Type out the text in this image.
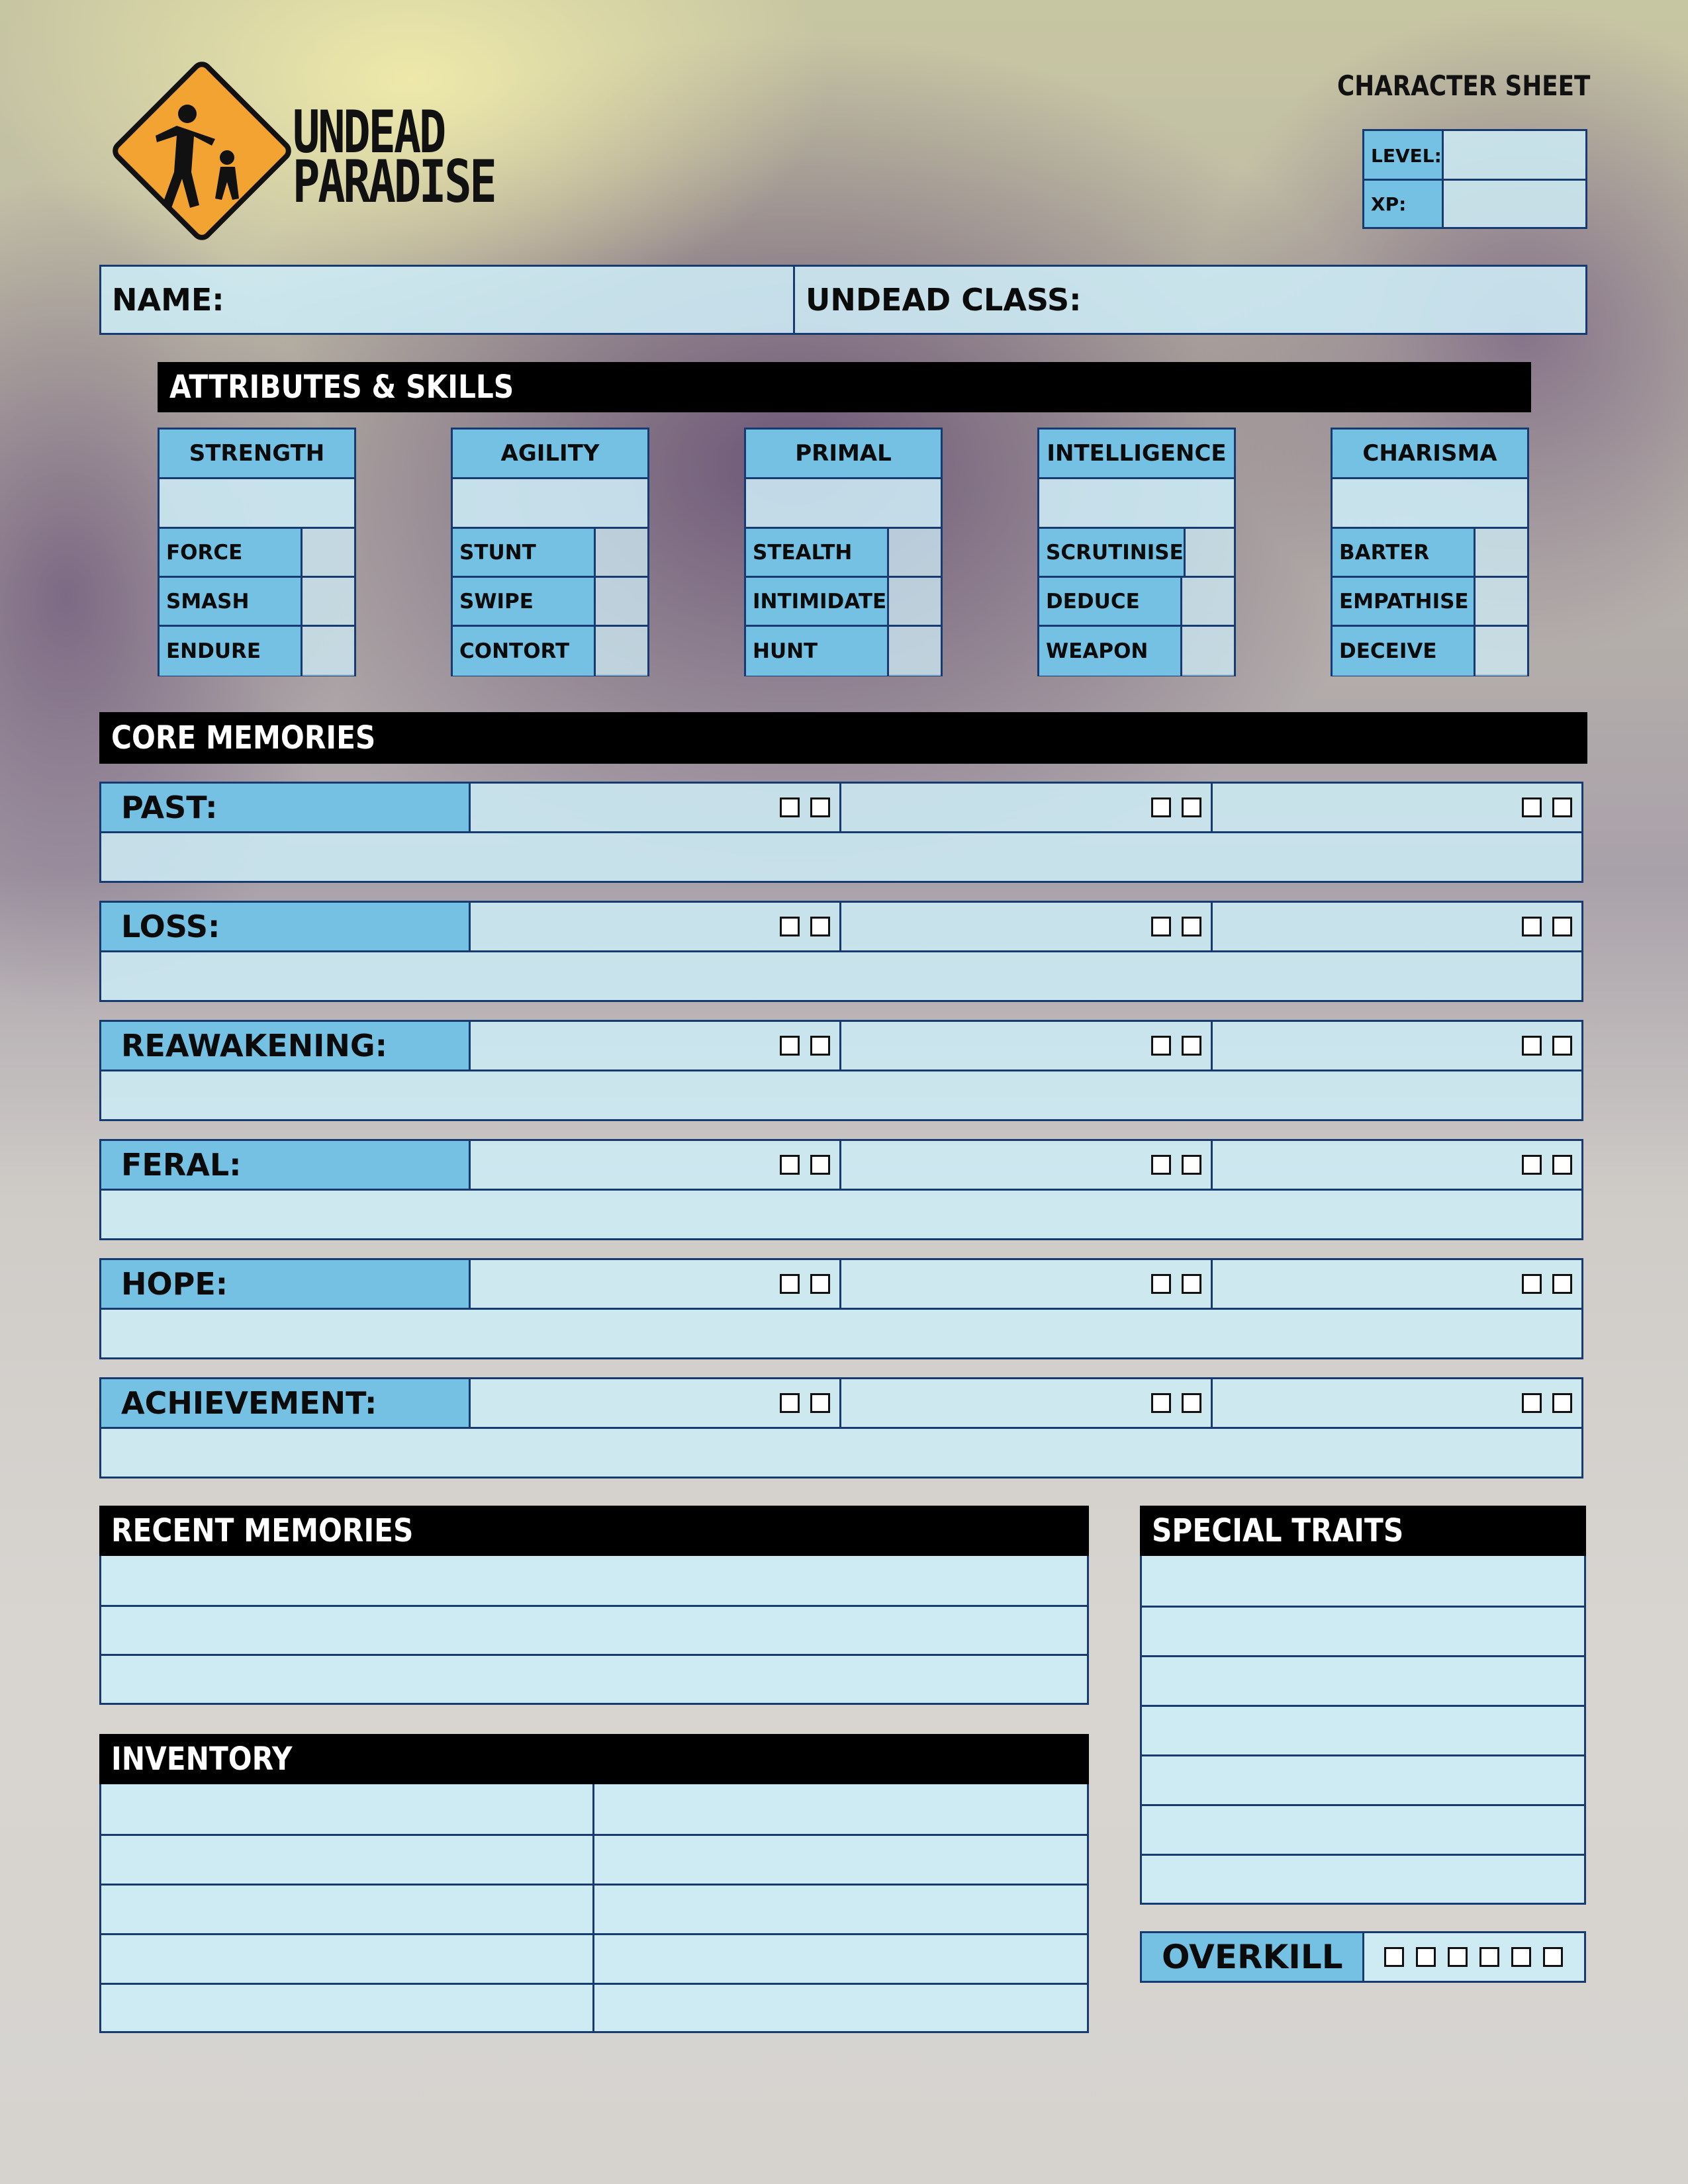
UNDEAD
PARADISE
CHARACTER SHEET
LEVEL:
XP:
NAME:	UNDEAD CLASS:
ATTRIBUTES & SKILLS
STRENGTH
FORCE
SMASH
ENDURE
AGILITY
STUNT
SWIPE
CONTORT
PRIMAL
STEALTH
INTIMIDATE
HUNT
INTELLIGENCE
SCRUTINISE
DEDUCE
WEAPON
CHARISMA
BARTER
EMPATHISE
DECEIVE
CORE MEMORIES
PAST:
LOSS:
REAWAKENING:
FERAL:
HOPE:
ACHIEVEMENT:
RECENT MEMORIES
INVENTORY
SPECIAL TRAITS
OVERKILL
